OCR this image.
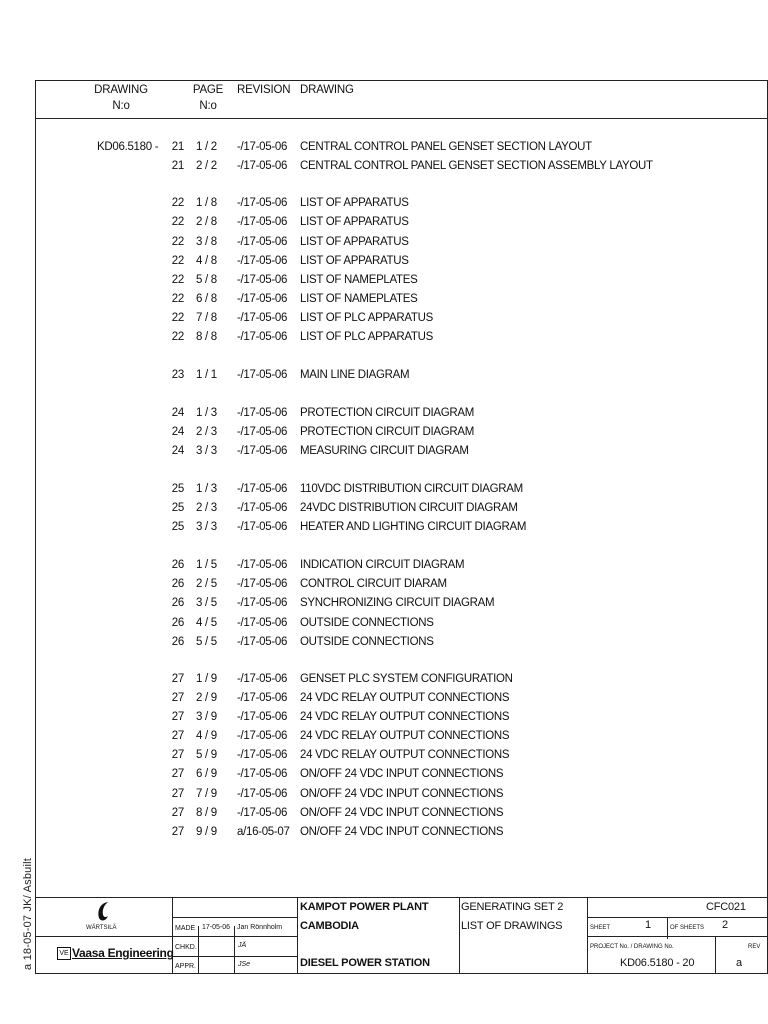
DRAWING
N:o
PAGE
N:o
REVISION DRAWING
KD06.5180 -	21 1 / 2 -/17-05-06 CENTRAL CONTROL PANEL GENSET SECTION LAYOUT
21 2 / 2 -/17-05-06 CENTRAL CONTROL PANEL GENSET SECTION ASSEMBLY LAYOUT
22 1 / 8 -/17-05-06 LIST OF APPARATUS
22 2 / 8 -/17-05-06 LIST OF APPARATUS
22 3 / 8 -/17-05-06 LIST OF APPARATUS
22 4 / 8 -/17-05-06 LIST OF APPARATUS
22 5 / 8 -/17-05-06 LIST OF NAMEPLATES
22 6 / 8 -/17-05-06 LIST OF NAMEPLATES
22 7 / 8 -/17-05-06 LIST OF PLC APPARATUS
22 8 / 8 -/17-05-06 LIST OF PLC APPARATUS
23 1 / 1 -/17-05-06 MAIN LINE DIAGRAM
24 1 / 3 -/17-05-06 PROTECTION CIRCUIT DIAGRAM
24 2 / 3 -/17-05-06 PROTECTION CIRCUIT DIAGRAM
24 3 / 3 -/17-05-06 MEASURING CIRCUIT DIAGRAM
25 1 / 3 -/17-05-06 110VDC DISTRIBUTION CIRCUIT DIAGRAM
25 2 / 3 -/17-05-06 24VDC DISTRIBUTION CIRCUIT DIAGRAM
25 3 / 3 -/17-05-06 HEATER AND LIGHTING CIRCUIT DIAGRAM
26 1 / 5 -/17-05-06 INDICATION CIRCUIT DIAGRAM
26 2 / 5 -/17-05-06 CONTROL CIRCUIT DIARAM
26 3 / 5 -/17-05-06 SYNCHRONIZING CIRCUIT DIAGRAM
26 4 / 5 -/17-05-06 OUTSIDE CONNECTIONS
26 5 / 5 -/17-05-06 OUTSIDE CONNECTIONS
27 1 / 9 -/17-05-06 GENSET PLC SYSTEM CONFIGURATION
27 2 / 9 -/17-05-06 24 VDC RELAY OUTPUT CONNECTIONS
27 3 / 9 -/17-05-06 24 VDC RELAY OUTPUT CONNECTIONS
27 4 / 9 -/17-05-06 24 VDC RELAY OUTPUT CONNECTIONS
27 5 / 9 -/17-05-06 24 VDC RELAY OUTPUT CONNECTIONS
27 6 / 9 -/17-05-06 ON/OFF 24 VDC INPUT CONNECTIONS
27 7 / 9 -/17-05-06 ON/OFF 24 VDC INPUT CONNECTIONS
27 8 / 9 -/17-05-06 ON/OFF 24 VDC INPUT CONNECTIONS
27 9 / 9 a/16-05-07 ON/OFF 24 VDC INPUT CONNECTIONS
a 18-05-07 JK/ Asbuilt	WÄRTSILÄ
VE Vaasa Engineering
MADE 17-05-06 Jan Rönnholm
CHKD.	JÄ
APPR.	JSe
KAMPOT POWER PLANT
CAMBODIA
DIESEL POWER STATION
GENERATING SET 2
LIST OF DRAWINGS
CFC021
SHEET	1	OF SHEETS 2
PROJECT No. / DRAWING No.	REV
KD06.5180 - 20	a
